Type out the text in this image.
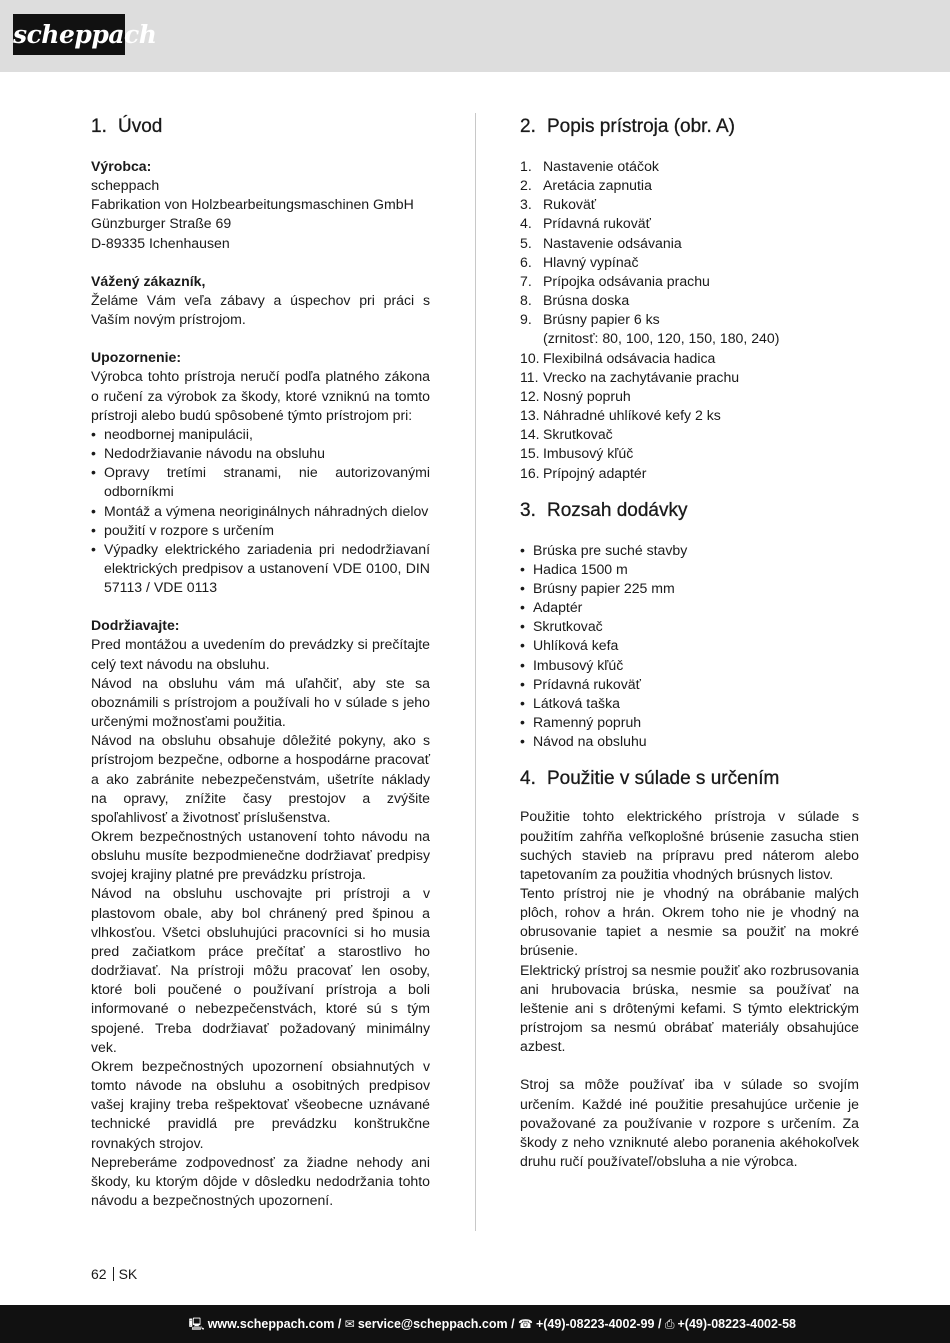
scheppach
1. Úvod
Výrobca:
scheppach
Fabrikation von Holzbearbeitungsmaschinen GmbH
Günzburger Straße 69
D-89335 Ichenhausen
Vážený zákazník,

Želáme Vám veľa zábavy a úspechov pri práci s Vaším novým prístrojom.

Upozornenie:

Výrobca tohto prístroja neručí podľa platného zákona o ručení za výrobok za škody, ktoré vzniknú na tomto prístroji alebo budú spôsobené týmto prístrojom pri:

• neodbornej manipulácii,
• Nedodržiavanie návodu na obsluhu
• Opravy tretími stranami, nie autorizovanými odborníkmi
• Montáž a výmena neoriginálnych náhradných dielov
• použití v rozpore s určením
• Výpadky elektrického zariadenia pri nedodržiavaní elektrických predpisov a ustanovení VDE 0100, DIN 57113 / VDE 0113
Dodržiavajte:

Pred montážou a uvedením do prevádzky si prečítajte celý text návodu na obsluhu.

Návod na obsluhu vám má uľahčiť, aby ste sa oboznámili s prístrojom a používali ho v súlade s jeho určenými možnosťami použitia.

Návod na obsluhu obsahuje dôležité pokyny, ako s prístrojom bezpečne, odborne a hospodárne pracovať a ako zabránite nebezpečenstvám, ušetríte náklady na opravy, znížite časy prestojov a zvýšite spoľahlivosť a životnosť príslušenstva.

Okrem bezpečnostných ustanovení tohto návodu na obsluhu musíte bezpodmienečne dodržiavať predpisy svojej krajiny platné pre prevádzku prístroja.

Návod na obsluhu uschovajte pri prístroji a v plastovom obale, aby bol chránený pred špinou a vlhkosťou. Všetci obsluhujúci pracovníci si ho musia pred začiatkom práce prečítať a starostlivo ho dodržiavať. Na prístroji môžu pracovať len osoby, ktoré boli poučené o používaní prístroja a boli informované o nebezpečenstvách, ktoré sú s tým spojené. Treba dodržiavať požadovaný minimálny vek.

Okrem bezpečnostných upozornení obsiahnutých v tomto návode na obsluhu a osobitných predpisov vašej krajiny treba rešpektovať všeobecne uznávané technické pravidlá pre prevádzku konštrukčne rovnakých strojov.

Nepreberáme zodpovednosť za žiadne nehody ani škody, ku ktorým dôjde v dôsledku nedodržania tohto návodu a bezpečnostných upozornení.

2. Popis prístroja (obr. A)
1. Nastavenie otáčok
2. Aretácia zapnutia
3. Rukoväť
4. Prídavná rukoväť
5. Nastavenie odsávania
6. Hlavný vypínač
7. Prípojka odsávania prachu
8. Brúsna doska
9. Brúsny papier 6 ks
(zrnitosť: 80, 100, 120, 150, 180, 240)
10. Flexibilná odsávacia hadica
11. Vrecko na zachytávanie prachu
12. Nosný popruh
13. Náhradné uhlíkové kefy 2 ks
14. Skrutkovač
15. Imbusový kľúč
16. Prípojný adaptér
3. Rozsah dodávky
• Brúska pre suché stavby
• Hadica 1500 m
• Brúsny papier 225 mm
• Adaptér
• Skrutkovač
• Uhlíková kefa
• Imbusový kľúč
• Prídavná rukoväť
• Látková taška
• Ramenný popruh
• Návod na obsluhu
4. Použitie v súlade s určením

Použitie tohto elektrického prístroja v súlade s použitím zahŕňa veľkoplošné brúsenie zasucha stien suchých stavieb na prípravu pred náterom alebo tapetovaním za použitia vhodných brúsnych listov.

Tento prístroj nie je vhodný na obrábanie malých plôch, rohov a hrán. Okrem toho nie je vhodný na obrusovanie tapiet a nesmie sa použiť na mokré brúsenie.

Elektrický prístroj sa nesmie použiť ako rozbrusovania ani hrubovacia brúska, nesmie sa používať na leštenie ani s drôtenými kefami. S týmto elektrickým prístrojom sa nesmú obrábať materiály obsahujúce azbest.

Stroj sa môže používať iba v súlade so svojím určením. Každé iné použitie presahujúce určenie je považované za používanie v rozpore s určením. Za škody z neho vzniknuté alebo poranenia akéhokoľvek druhu ručí používateľ/obsluha a nie výrobca.

62 SK
🖳 www.scheppach.com / ✉ service@scheppach.com / ☎ +(49)-08223-4002-99 / ⎙ +(49)-08223-4002-58
